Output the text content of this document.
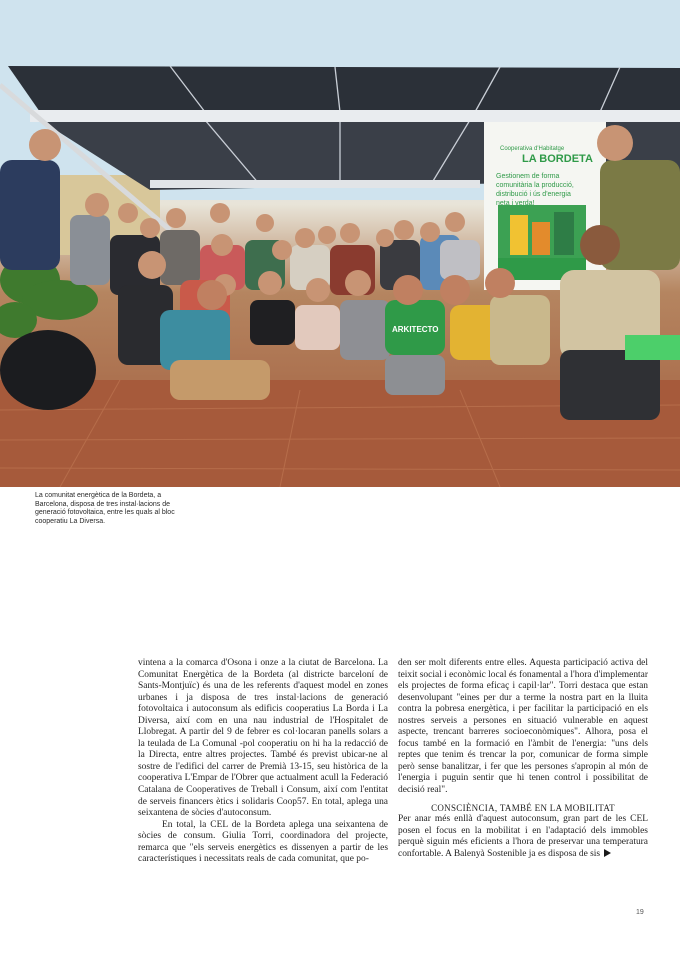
Cooperativa d'Habitatge
LA BORDETA
Gestionem de forma
comunitària la producció,
distribució i ús d'energia
neta i verda!
ARKITECTO
La comunitat energètica de la Bordeta, a Barcelona, disposa de tres instal·lacions de generació fotovoltaica, entre les quals al bloc cooperatiu La Diversa.

vintena a la comarca d'Osona i onze a la ciutat de Barcelona. La Comunitat Energètica de la Bordeta (al districte barceloní de Sants-Montjuïc) és una de les referents d'aquest model en zones urbanes i ja disposa de tres instal·lacions de generació fotovoltaica i autoconsum als edificis cooperatius La Borda i La Diversa, així com en una nau industrial de l'Hospitalet de Llobregat. A partir del 9 de febrer es col·locaran panells solars a la teulada de La Comunal -pol cooperatiu on hi ha la redacció de la Directa, entre altres projectes. També és previst ubicar-ne al sostre de l'edifici del carrer de Premià 13-15, seu històrica de la cooperativa L'Empar de l'Obrer que actualment acull la Federació Catalana de Cooperatives de Treball i Consum, així com l'entitat de serveis financers ètics i solidaris Coop57. En total, aplega una seixantena de sòcies d'autoconsum.

En total, la CEL de la Bordeta aplega una seixantena de sòcies de consum. Giulia Torri, coordinadora del projecte, remarca que "els serveis energètics es dissenyen a partir de les característiques i necessitats reals de cada comunitat, que po-

den ser molt diferents entre elles. Aquesta participació activa del teixit social i econòmic local és fonamental a l'hora d'implementar els projectes de forma eficaç i capil·lar". Torri destaca que estan desenvolupant "eines per dur a terme la nostra part en la lluita contra la pobresa energètica, i per facilitar la participació en els nostres serveis a persones en situació vulnerable en aquest aspecte, trencant barreres socioeconòmiques". Alhora, posa el focus també en la formació en l'àmbit de l'energia: "uns dels reptes que tenim és trencar la por, comunicar de forma simple però sense banalitzar, i fer que les persones s'apropin al món de l'energia i puguin sentir que hi tenen control i possibilitat de decisió real".

CONSCIÈNCIA, TAMBÉ EN LA MOBILITAT

Per anar més enllà d'aquest autoconsum, gran part de les CEL posen el focus en la mobilitat i en l'adaptació dels immobles perquè siguin més eficients a l'hora de preservar una temperatura confortable. A Balenyà Sostenible ja es disposa de sis

19
